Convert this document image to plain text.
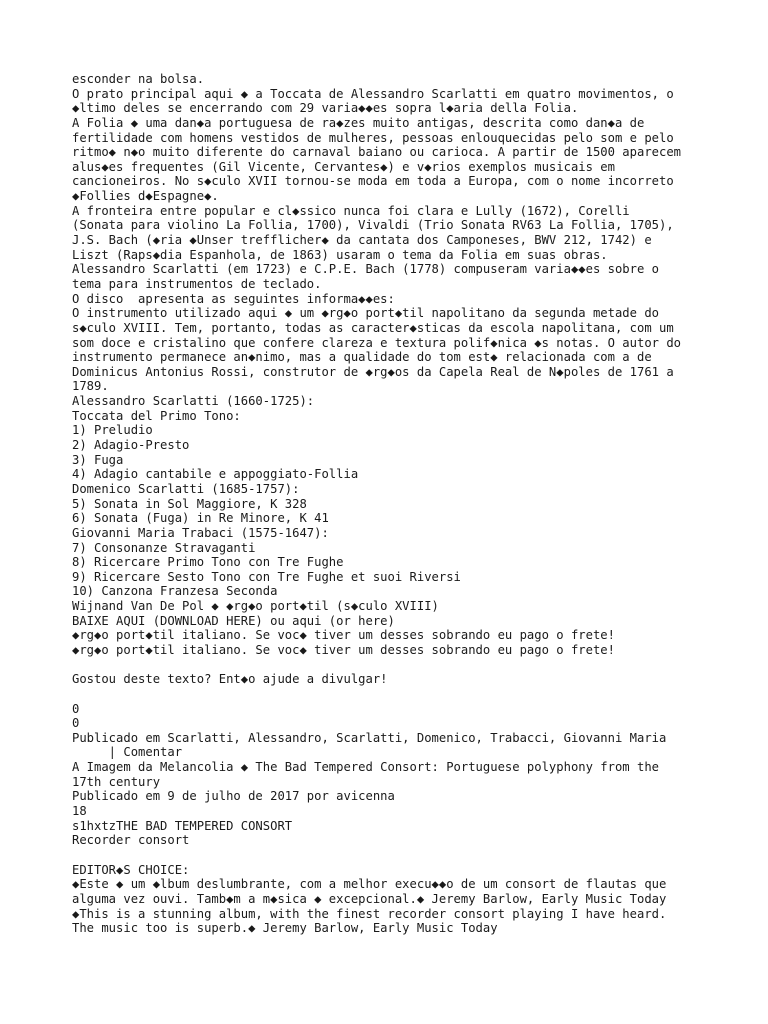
esconder na bolsa.
O prato principal aqui ◆ a Toccata de Alessandro Scarlatti em quatro movimentos, o
◆ltimo deles se encerrando com 29 varia◆◆es sopra l◆aria della Folia.
A Folia ◆ uma dan◆a portuguesa de ra◆zes muito antigas, descrita como dan◆a de
fertilidade com homens vestidos de mulheres, pessoas enlouquecidas pelo som e pelo
ritmo◆ n◆o muito diferente do carnaval baiano ou carioca. A partir de 1500 aparecem
alus◆es frequentes (Gil Vicente, Cervantes◆) e v◆rios exemplos musicais em
cancioneiros. No s◆culo XVII tornou-se moda em toda a Europa, com o nome incorreto
◆Follies d◆Espagne◆.
A fronteira entre popular e cl◆ssico nunca foi clara e Lully (1672), Corelli
(Sonata para violino La Follia, 1700), Vivaldi (Trio Sonata RV63 La Follia, 1705),
J.S. Bach (◆ria ◆Unser trefflicher◆ da cantata dos Camponeses, BWV 212, 1742) e
Liszt (Raps◆dia Espanhola, de 1863) usaram o tema da Folia em suas obras.
Alessandro Scarlatti (em 1723) e C.P.E. Bach (1778) compuseram varia◆◆es sobre o
tema para instrumentos de teclado.
O disco  apresenta as seguintes informa◆◆es:
O instrumento utilizado aqui ◆ um ◆rg◆o port◆til napolitano da segunda metade do
s◆culo XVIII. Tem, portanto, todas as caracter◆sticas da escola napolitana, com um
som doce e cristalino que confere clareza e textura polif◆nica ◆s notas. O autor do
instrumento permanece an◆nimo, mas a qualidade do tom est◆ relacionada com a de
Dominicus Antonius Rossi, construtor de ◆rg◆os da Capela Real de N◆poles de 1761 a
1789.
Alessandro Scarlatti (1660-1725):
Toccata del Primo Tono:
1) Preludio
2) Adagio-Presto
3) Fuga
4) Adagio cantabile e appoggiato-Follia
Domenico Scarlatti (1685-1757):
5) Sonata in Sol Maggiore, K 328
6) Sonata (Fuga) in Re Minore, K 41
Giovanni Maria Trabaci (1575-1647):
7) Consonanze Stravaganti
8) Ricercare Primo Tono con Tre Fughe
9) Ricercare Sesto Tono con Tre Fughe et suoi Riversi
10) Canzona Franzesa Seconda
Wijnand Van De Pol ◆ ◆rg◆o port◆til (s◆culo XVIII)
BAIXE AQUI (DOWNLOAD HERE) ou aqui (or here)
◆rg◆o port◆til italiano. Se voc◆ tiver um desses sobrando eu pago o frete!
◆rg◆o port◆til italiano. Se voc◆ tiver um desses sobrando eu pago o frete!
Gostou deste texto? Ent◆o ajude a divulgar!
0
0
Publicado em Scarlatti, Alessandro, Scarlatti, Domenico, Trabacci, Giovanni Maria
| Comentar
A Imagem da Melancolia ◆ The Bad Tempered Consort: Portuguese polyphony from the
17th century
Publicado em 9 de julho de 2017 por avicenna
18
s1hxtzTHE BAD TEMPERED CONSORT
Recorder consort
EDITOR◆S CHOICE:
◆Este ◆ um ◆lbum deslumbrante, com a melhor execu◆◆o de um consort de flautas que
alguma vez ouvi. Tamb◆m a m◆sica ◆ excepcional.◆ Jeremy Barlow, Early Music Today
◆This is a stunning album, with the finest recorder consort playing I have heard.
The music too is superb.◆ Jeremy Barlow, Early Music Today
